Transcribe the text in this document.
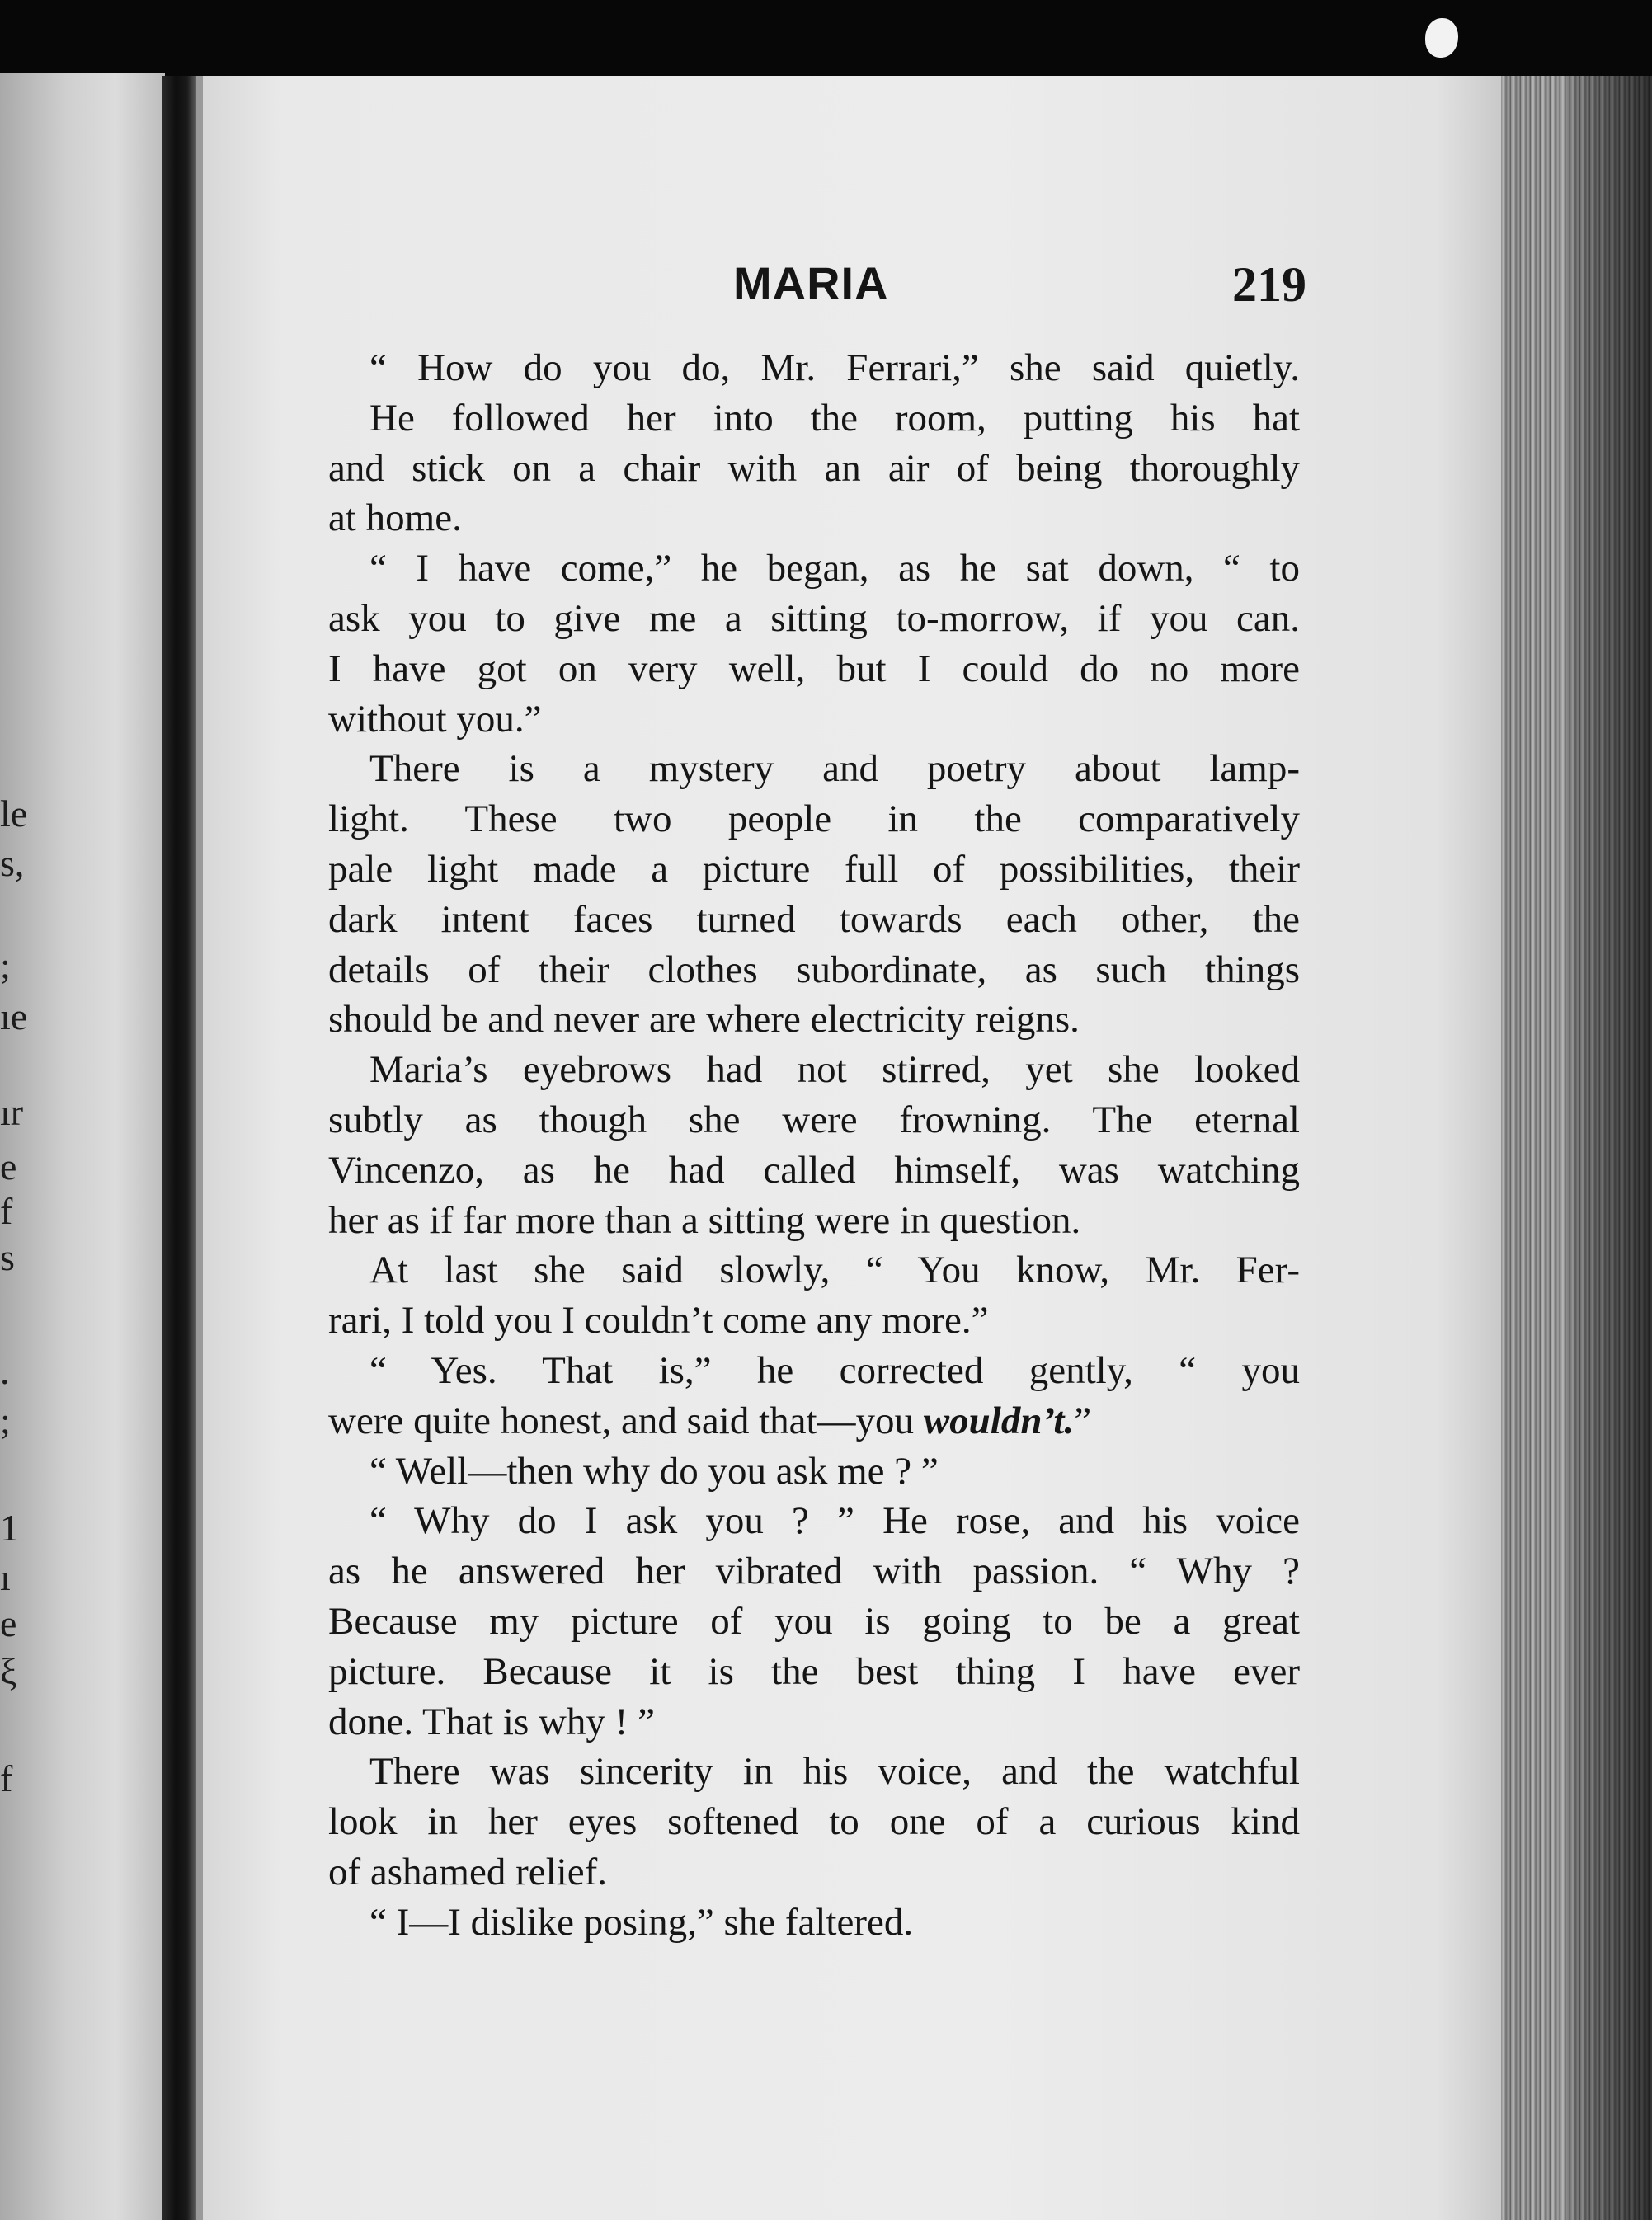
le
s,
;
ıe
ır
e
f
s
.
;
1
ı
e
ξ
f
MARIA	219
“ How do you do, Mr. Ferrari,” she said quietly.
He followed her into the room, putting his hat
and stick on a chair with an air of being thoroughly
at home.
“ I have come,” he began, as he sat down, “ to
ask you to give me a sitting to-morrow, if you can.
I have got on very well, but I could do no more
without you.”
There is a mystery and poetry about lamp-
light. These two people in the comparatively
pale light made a picture full of possibilities, their
dark intent faces turned towards each other, the
details of their clothes subordinate, as such things
should be and never are where electricity reigns.
Maria’s eyebrows had not stirred, yet she looked
subtly as though she were frowning. The eternal
Vincenzo, as he had called himself, was watching
her as if far more than a sitting were in question.
At last she said slowly, “ You know, Mr. Fer-
rari, I told you I couldn’t come any more.”
“ Yes. That is,” he corrected gently, “ you
were quite honest, and said that—you wouldn’t.”
“ Well—then why do you ask me ? ”
“ Why do I ask you ? ” He rose, and his voice
as he answered her vibrated with passion. “ Why ?
Because my picture of you is going to be a great
picture. Because it is the best thing I have ever
done. That is why ! ”
There was sincerity in his voice, and the watchful
look in her eyes softened to one of a curious kind
of ashamed relief.
“ I—I dislike posing,” she faltered.
